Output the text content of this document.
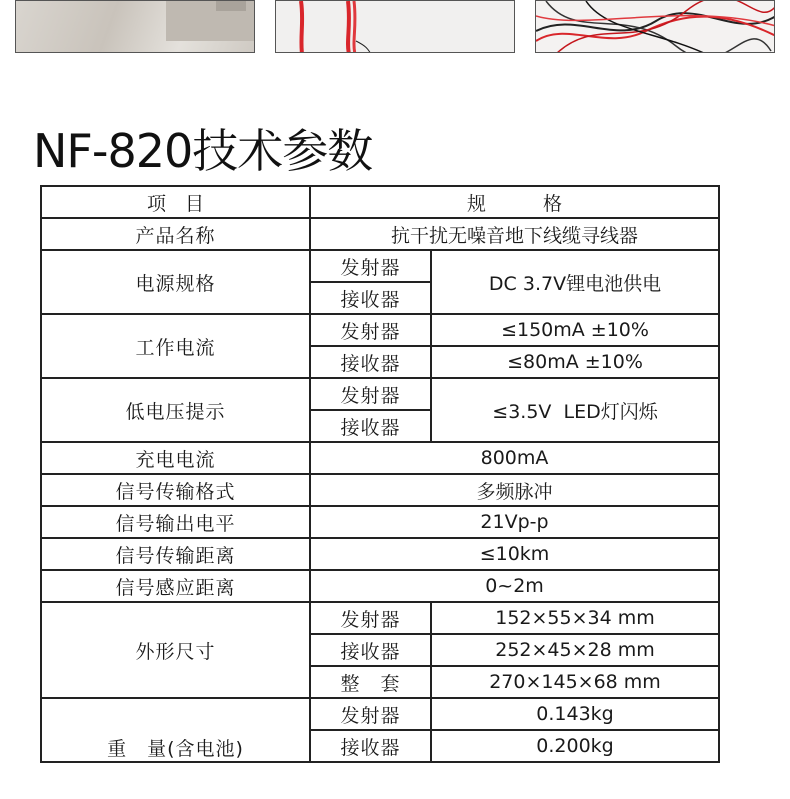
NF-820技术参数
项　目	规　　　格	
产品名称	抗干扰无噪音地下线缆寻线器	
电源规格	发射器	DC 3.7V锂电池供电
	接收器	
工作电流	发射器	≤150mA ±10%
	接收器	≤80mA ±10%
低电压提示	发射器	≤3.5V  LED灯闪烁
	接收器	
充电电流	800mA	
信号传输格式	多频脉冲	
信号输出电平	21Vp-p	
信号传输距离	≤10km	
信号感应距离	0~2m	
外形尺寸	发射器	152×55×34 mm
	接收器	252×45×28 mm
	整　套	270×145×68 mm
重　量(含电池)	发射器	0.143kg
	接收器	0.200kg
